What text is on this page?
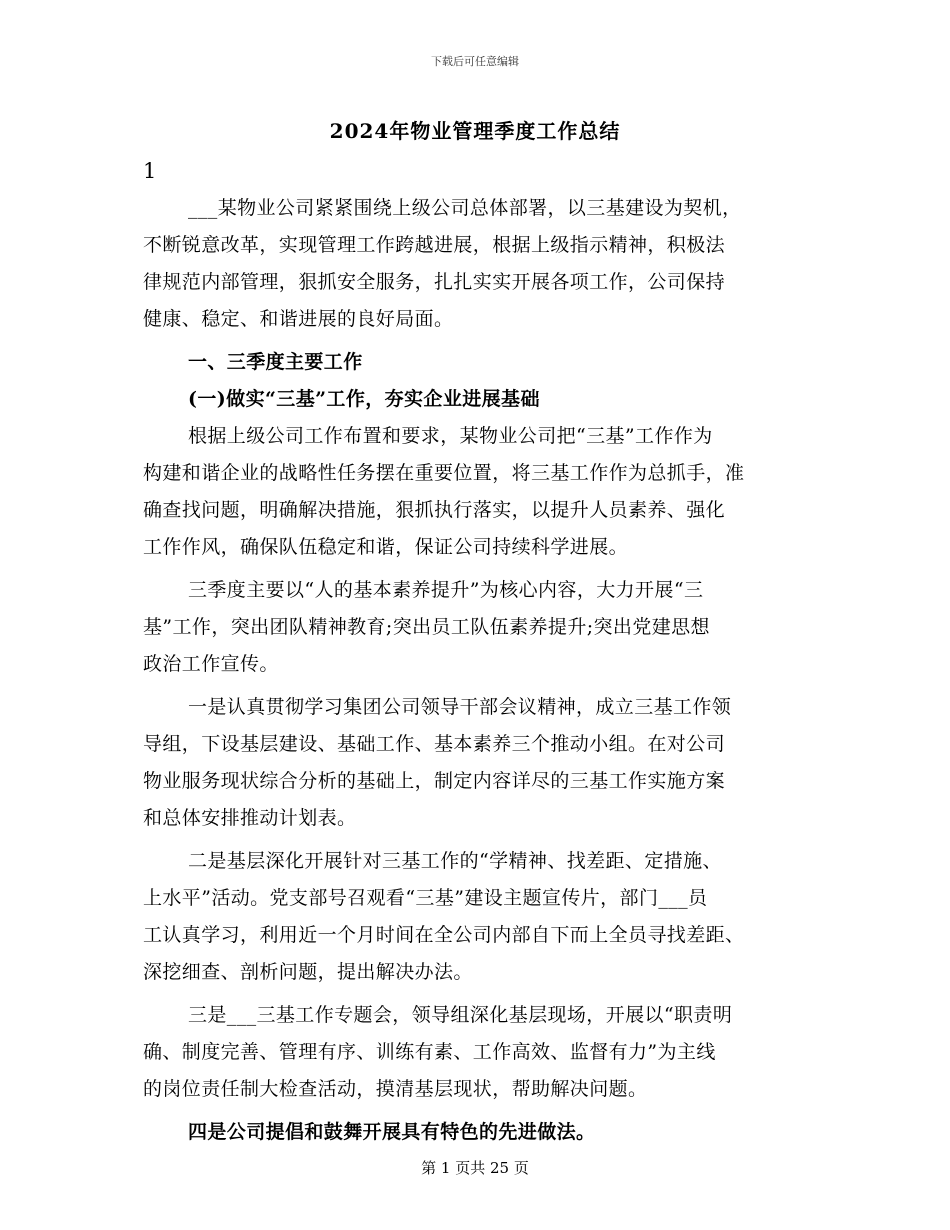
下载后可任意编辑
2024年物业管理季度工作总结
1
___某物业公司紧紧围绕上级公司总体部署，以三基建设为契机，
不断锐意改革，实现管理工作跨越进展，根据上级指示精神，积极法
律规范内部管理，狠抓安全服务，扎扎实实开展各项工作，公司保持
健康、稳定、和谐进展的良好局面。
一、三季度主要工作
(一)做实“三基”工作，夯实企业进展基础
根据上级公司工作布置和要求，某物业公司把“三基”工作作为
构建和谐企业的战略性任务摆在重要位置，将三基工作作为总抓手，准
确查找问题，明确解决措施，狠抓执行落实，以提升人员素养、强化
工作作风，确保队伍稳定和谐，保证公司持续科学进展。
三季度主要以“人的基本素养提升”为核心内容，大力开展“三
基”工作，突出团队精神教育;突出员工队伍素养提升;突出党建思想
政治工作宣传。
一是认真贯彻学习集团公司领导干部会议精神，成立三基工作领
导组，下设基层建设、基础工作、基本素养三个推动小组。在对公司
物业服务现状综合分析的基础上，制定内容详尽的三基工作实施方案
和总体安排推动计划表。
二是基层深化开展针对三基工作的“学精神、找差距、定措施、
上水平”活动。党支部号召观看“三基”建设主题宣传片，部门___员
工认真学习，利用近一个月时间在全公司内部自下而上全员寻找差距、
深挖细查、剖析问题，提出解决办法。
三是___三基工作专题会，领导组深化基层现场，开展以“职责明
确、制度完善、管理有序、训练有素、工作高效、监督有力”为主线
的岗位责任制大检查活动，摸清基层现状，帮助解决问题。
四是公司提倡和鼓舞开展具有特色的先进做法。
第 1 页共 25 页
